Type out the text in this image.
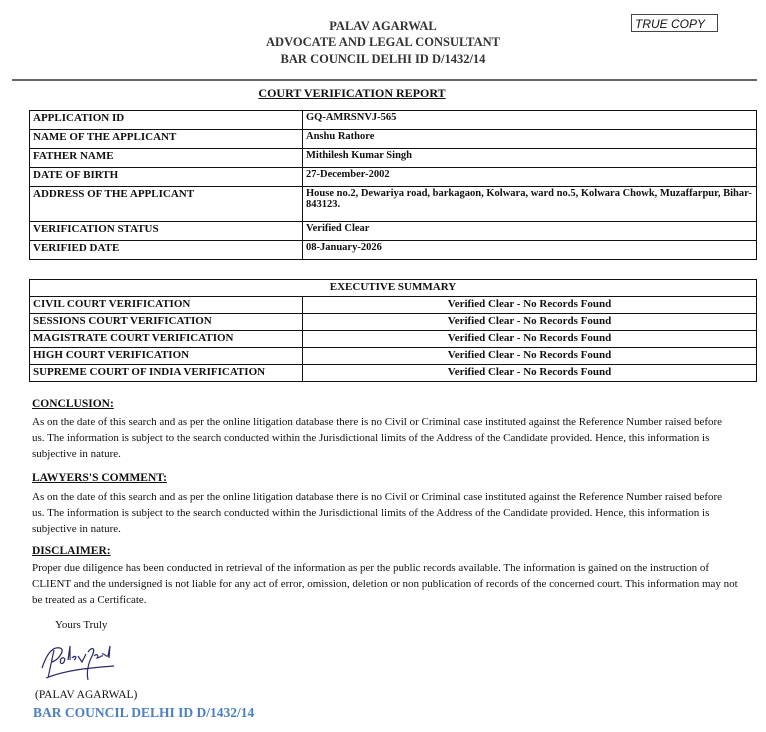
PALAV AGARWAL
ADVOCATE AND LEGAL CONSULTANT
BAR COUNCIL DELHI ID D/1432/14
TRUE COPY
COURT VERIFICATION REPORT
APPLICATION ID	GQ-AMRSNVJ-565
NAME OF THE APPLICANT	Anshu Rathore
FATHER NAME	Mithilesh Kumar Singh
DATE OF BIRTH	27-December-2002
ADDRESS OF THE APPLICANT	House no.2, Dewariya road, barkagaon, Kolwara, ward no.5, Kolwara Chowk, Muzaffarpur, Bihar-843123.
VERIFICATION STATUS	Verified Clear
VERIFIED DATE	08-January-2026
EXECUTIVE SUMMARY	
CIVIL COURT VERIFICATION	Verified Clear - No Records Found
SESSIONS COURT VERIFICATION	Verified Clear - No Records Found
MAGISTRATE COURT VERIFICATION	Verified Clear - No Records Found
HIGH COURT VERIFICATION	Verified Clear - No Records Found
SUPREME COURT OF INDIA VERIFICATION	Verified Clear - No Records Found
CONCLUSION:
As on the date of this search and as per the online litigation database there is no Civil or Criminal case instituted against the Reference Number raised before us. The information is subject to the search conducted within the Jurisdictional limits of the Address of the Candidate provided. Hence, this information is subjective in nature.
LAWYERS'S COMMENT:
As on the date of this search and as per the online litigation database there is no Civil or Criminal case instituted against the Reference Number raised before us. The information is subject to the search conducted within the Jurisdictional limits of the Address of the Candidate provided. Hence, this information is subjective in nature.
DISCLAIMER:
Proper due diligence has been conducted in retrieval of the information as per the public records available. The information is gained on the instruction of CLIENT and the undersigned is not liable for any act of error, omission, deletion or non publication of records of the concerned court. This information may not be treated as a Certificate.
Yours Truly
(PALAV AGARWAL)
BAR COUNCIL DELHI ID D/1432/14
